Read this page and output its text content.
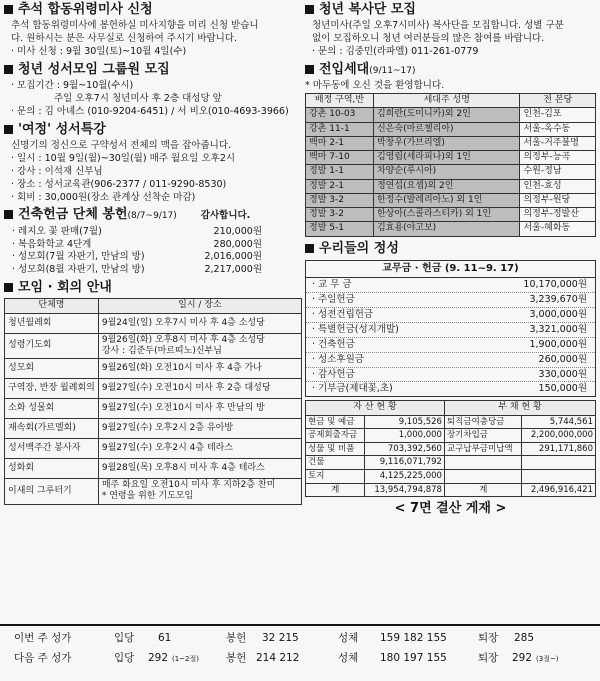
추석 합동위령미사 신청
추석 합동위령미사에 봉헌하실 미사지향을 미리 신청 받습니
다. 원하시는 분은 사무실로 신청하여 주시기 바랍니다.
· 미사 신청 : 9월 30일(토)~10월 4일(수)
청년 성서모임 그룹원 모집
· 모집기간 : 9월~10월(수시)
주일 오후7시 청년미사 후 2층 대성당 앞
· 문의 : 김 아녜스 (010-9204-6451) / 서 비오(010-4693-3966)
'여정' 성서특강
신명기의 정신으로 구약성서 전체의 맥을 잡아줍니다.
· 일시 : 10월 9일(월)~30일(월) 매주 월요일 오후2시
· 강사 : 이석재 신부님
· 장소 : 성서교육관(906-2377 / 011-9290-8530)
· 회비 : 30,000원(장소 관계상 선착순 마감)
건축헌금 단체 봉헌(8/7~9/17)	감사합니다.
· 레지오 꽃 판매(7월)	210,000원
· 복음화학교 4단계	280,000원
· 성모회(7월 자판기, 만남의 방)	2,016,000원
· 성모회(8월 자판기, 만남의 방)	2,217,000원
모임 · 회의 안내
단체명	일시 / 장소
청년월례회	9월24일(일) 오후7시 미사 후 4층 소성당
성령기도회	9월26일(화) 오후8시 미사 후 4층 소성당
강사 : 김준두(마르띠노)신부님

성모회	9월26일(화) 오전10시 미사 후 4층 가나
구역장, 반장 월례회의	9월27일(수) 오전10시 미사 후 2층 대성당
소화 성물회	9월27일(수) 오전10시 미사 후 만남의 방
재속회(가르멜회)	9월27일(수) 오후2시 2층 유아방
성서백주간 봉사자	9월27일(수) 오후2시 4층 테라스
성화회	9월28일(목) 오후8시 미사 후 4층 테라스
이새의 그루터기	매주 화요일 오전10시 미사 후 지하2층 찬미
* 연령을 위한 기도모임
청년 복사단 모집
청년미사(주일 오후7시미사) 복사단을 모집합니다. 성별 구분
없이 모집하오니 청년 여러분들의 많은 참여를 바랍니다.
· 문의 : 김중민(라파엘) 011-261-0779
전입세대(9/11~17)
* 마두동에 오신 것을 환영합니다.
배정 구역,반	세대주 성명	전 본당
강촌 10-03	김희란(도미니카)외 2인	인천-김포
강촌 11-1	신은숙(마르첼리아)	서울-옥수동
백마 2-1	박창우(가브리엘)	서울-거주불명
백마 7-10	김영림(세라피나)외 1인	의정부-능곡
정발 1-1	차양순(루시아)	수원-정남
정발 2-1	정연섭(요셉)외 2인	인천-효성
정발 3-2	한정수(발레리아노) 외 1인	의정부-원당
정발 3-2	한상아(스콜라스티카) 외 1인	의정부-정발산
정발 5-1	김효용(야고보)	서울-혜화동
우리들의 정성
교무금 · 헌금 (9. 11~9. 17)
· 교 무 금	10,170,000원
· 주일헌금	3,239,670원
· 성전건립헌금	3,000,000원
· 특별헌금(성지개발)	3,321,000원
· 건축헌금	1,900,000원
· 성소후원금	260,000원
· 감사헌금	330,000원
· 기부금(제대꽃,초)	150,000원
자 산 현 황		부 채 현 황	
현금 및 예금	9,105,526	퇴직금여충당금	5,744,561
공제회출자금	1,000,000	장기차입금	2,200,000,000
성물 및 비품	703,392,560	교구납부금미납액	291,171,860
건물	9,116,071,792		
토지	4,125,225,000		
계	13,954,794,878	계	2,496,916,421
< 7면 결산 게재 >
이번 주 성가	입당 61	봉헌 32 215	성체 159 182 155	퇴장 285
다음 주 성가	입당 292 (1~2절)	봉헌 214 212	성체 180 197 155	퇴장 292 (3절~)
